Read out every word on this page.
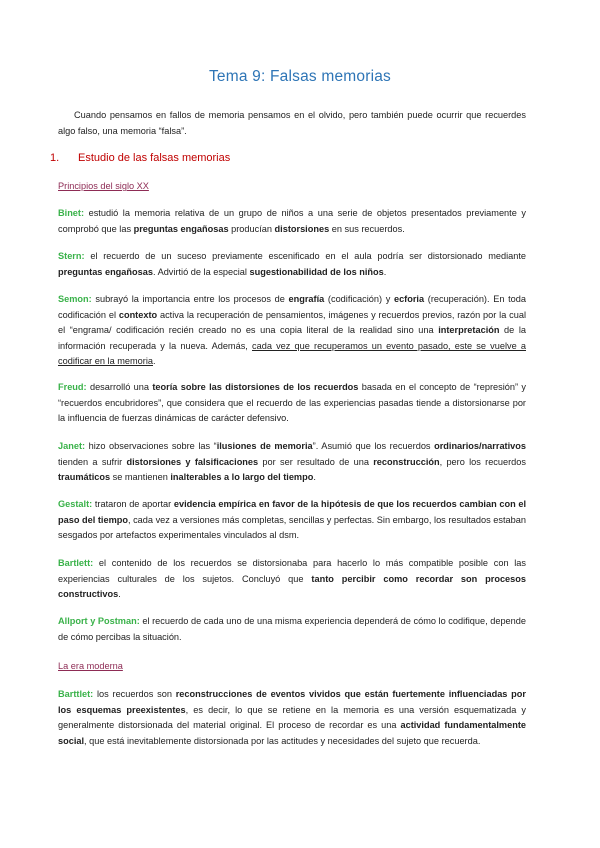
Tema 9: Falsas memorias
Cuando pensamos en fallos de memoria pensamos en el olvido, pero también puede ocurrir que recuerdes algo falso, una memoria “falsa”.
1. Estudio de las falsas memorias
Principios del siglo XX
Binet: estudió la memoria relativa de un grupo de niños a una serie de objetos presentados previamente y comprobó que las preguntas engañosas producían distorsiones en sus recuerdos.
Stern: el recuerdo de un suceso previamente escenificado en el aula podría ser distorsionado mediante preguntas engañosas. Advirtió de la especial sugestionabilidad de los niños.
Semon: subrayó la importancia entre los procesos de engrafía (codificación) y ecforia (recuperación). En toda codificación el contexto activa la recuperación de pensamientos, imágenes y recuerdos previos, razón por la cual el “engrama/ codificación recién creado no es una copia literal de la realidad sino una interpretación de la información recuperada y la nueva. Además, cada vez que recuperamos un evento pasado, este se vuelve a codificar en la memoria.
Freud: desarrolló una teoría sobre las distorsiones de los recuerdos basada en el concepto de “represión” y “recuerdos encubridores”, que considera que el recuerdo de las experiencias pasadas tiende a distorsionarse por la influencia de fuerzas dinámicas de carácter defensivo.
Janet: hizo observaciones sobre las “ilusiones de memoria”. Asumió que los recuerdos ordinarios/narrativos tienden a sufrir distorsiones y falsificaciones por ser resultado de una reconstrucción, pero los recuerdos traumáticos se mantienen inalterables a lo largo del tiempo.
Gestalt: trataron de aportar evidencia empírica en favor de la hipótesis de que los recuerdos cambian con el paso del tiempo, cada vez a versiones más completas, sencillas y perfectas. Sin embargo, los resultados estaban sesgados por artefactos experimentales vinculados al dsm.
Bartlett: el contenido de los recuerdos se distorsionaba para hacerlo lo más compatible posible con las experiencias culturales de los sujetos. Concluyó que tanto percibir como recordar son procesos constructivos.
Allport y Postman: el recuerdo de cada uno de una misma experiencia dependerá de cómo lo codifique, depende de cómo percibas la situación.
La era moderna
Barttlet: los recuerdos son reconstrucciones de eventos vividos que están fuertemente influenciadas por los esquemas preexistentes, es decir, lo que se retiene en la memoria es una versión esquematizada y generalmente distorsionada del material original. El proceso de recordar es una actividad fundamentalmente social, que está inevitablemente distorsionada por las actitudes y necesidades del sujeto que recuerda.
